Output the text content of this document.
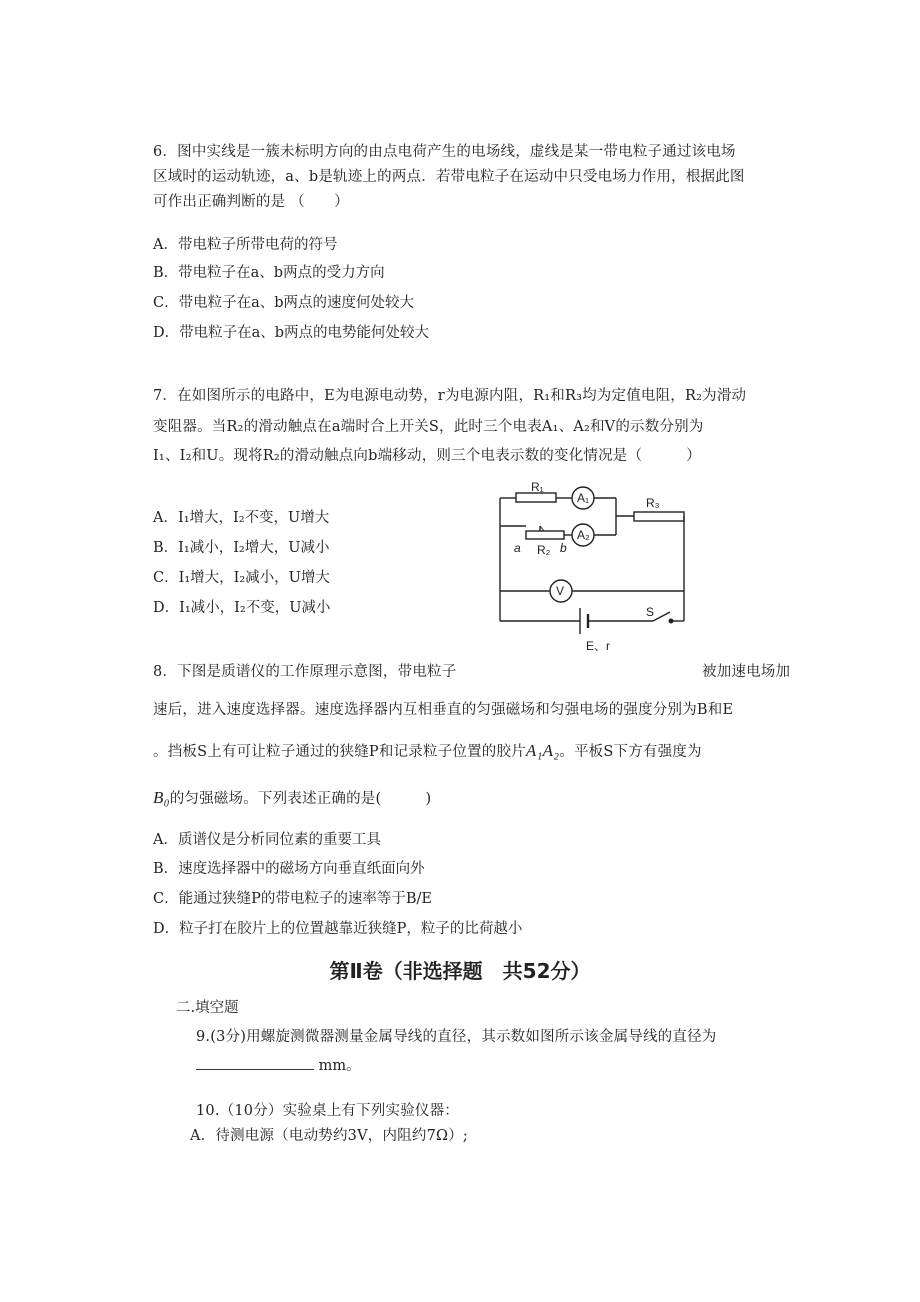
6．图中实线是一簇未标明方向的由点电荷产生的电场线，虚线是某一带电粒子通过该电场
区域时的运动轨迹，a、b是轨迹上的两点．若带电粒子在运动中只受电场力作用，根据此图
可作出正确判断的是 （　　）
A．带电粒子所带电荷的符号
B．带电粒子在a、b两点的受力方向
C．带电粒子在a、b两点的速度何处较大
D．带电粒子在a、b两点的电势能何处较大
7．在如图所示的电路中，E为电源电动势，r为电源内阻，R₁和R₃均为定值电阻，R₂为滑动
变阻器。当R₂的滑动触点在a端时合上开关S，此时三个电表A₁、A₂和V的示数分别为
I₁、I₂和U。现将R₂的滑动触点向b端移动，则三个电表示数的变化情况是（　　　）
A．I₁增大，I₂不变，U增大
B．I₁减小，I₂增大，U减小
C．I₁增大，I₂减小，U增大
D．I₁减小，I₂不变，U减小
R₁
A₁	R₃
A₂
a R₂ b
V
S
E、r
8．下图是质谱仪的工作原理示意图，带电粒子	被加速电场加
速后，进入速度选择器。速度选择器内互相垂直的匀强磁场和匀强电场的强度分别为B和E
。挡板S上有可让粒子通过的狭缝P和记录粒子位置的胶片A₁A₂。平板S下方有强度为
B₀的匀强磁场。下列表述正确的是(　　　)
A．质谱仪是分析同位素的重要工具
B．速度选择器中的磁场方向垂直纸面向外
C．能通过狭缝P的带电粒子的速率等于B/E
D．粒子打在胶片上的位置越靠近狭缝P，粒子的比荷越小
第Ⅱ卷（非选择题　共52分）
二.填空题
9.(3分)用螺旋测微器测量金属导线的直径，其示数如图所示该金属导线的直径为
mm。
10.（10分）实验桌上有下列实验仪器：
A．待测电源（电动势约3V，内阻约7Ω）;
